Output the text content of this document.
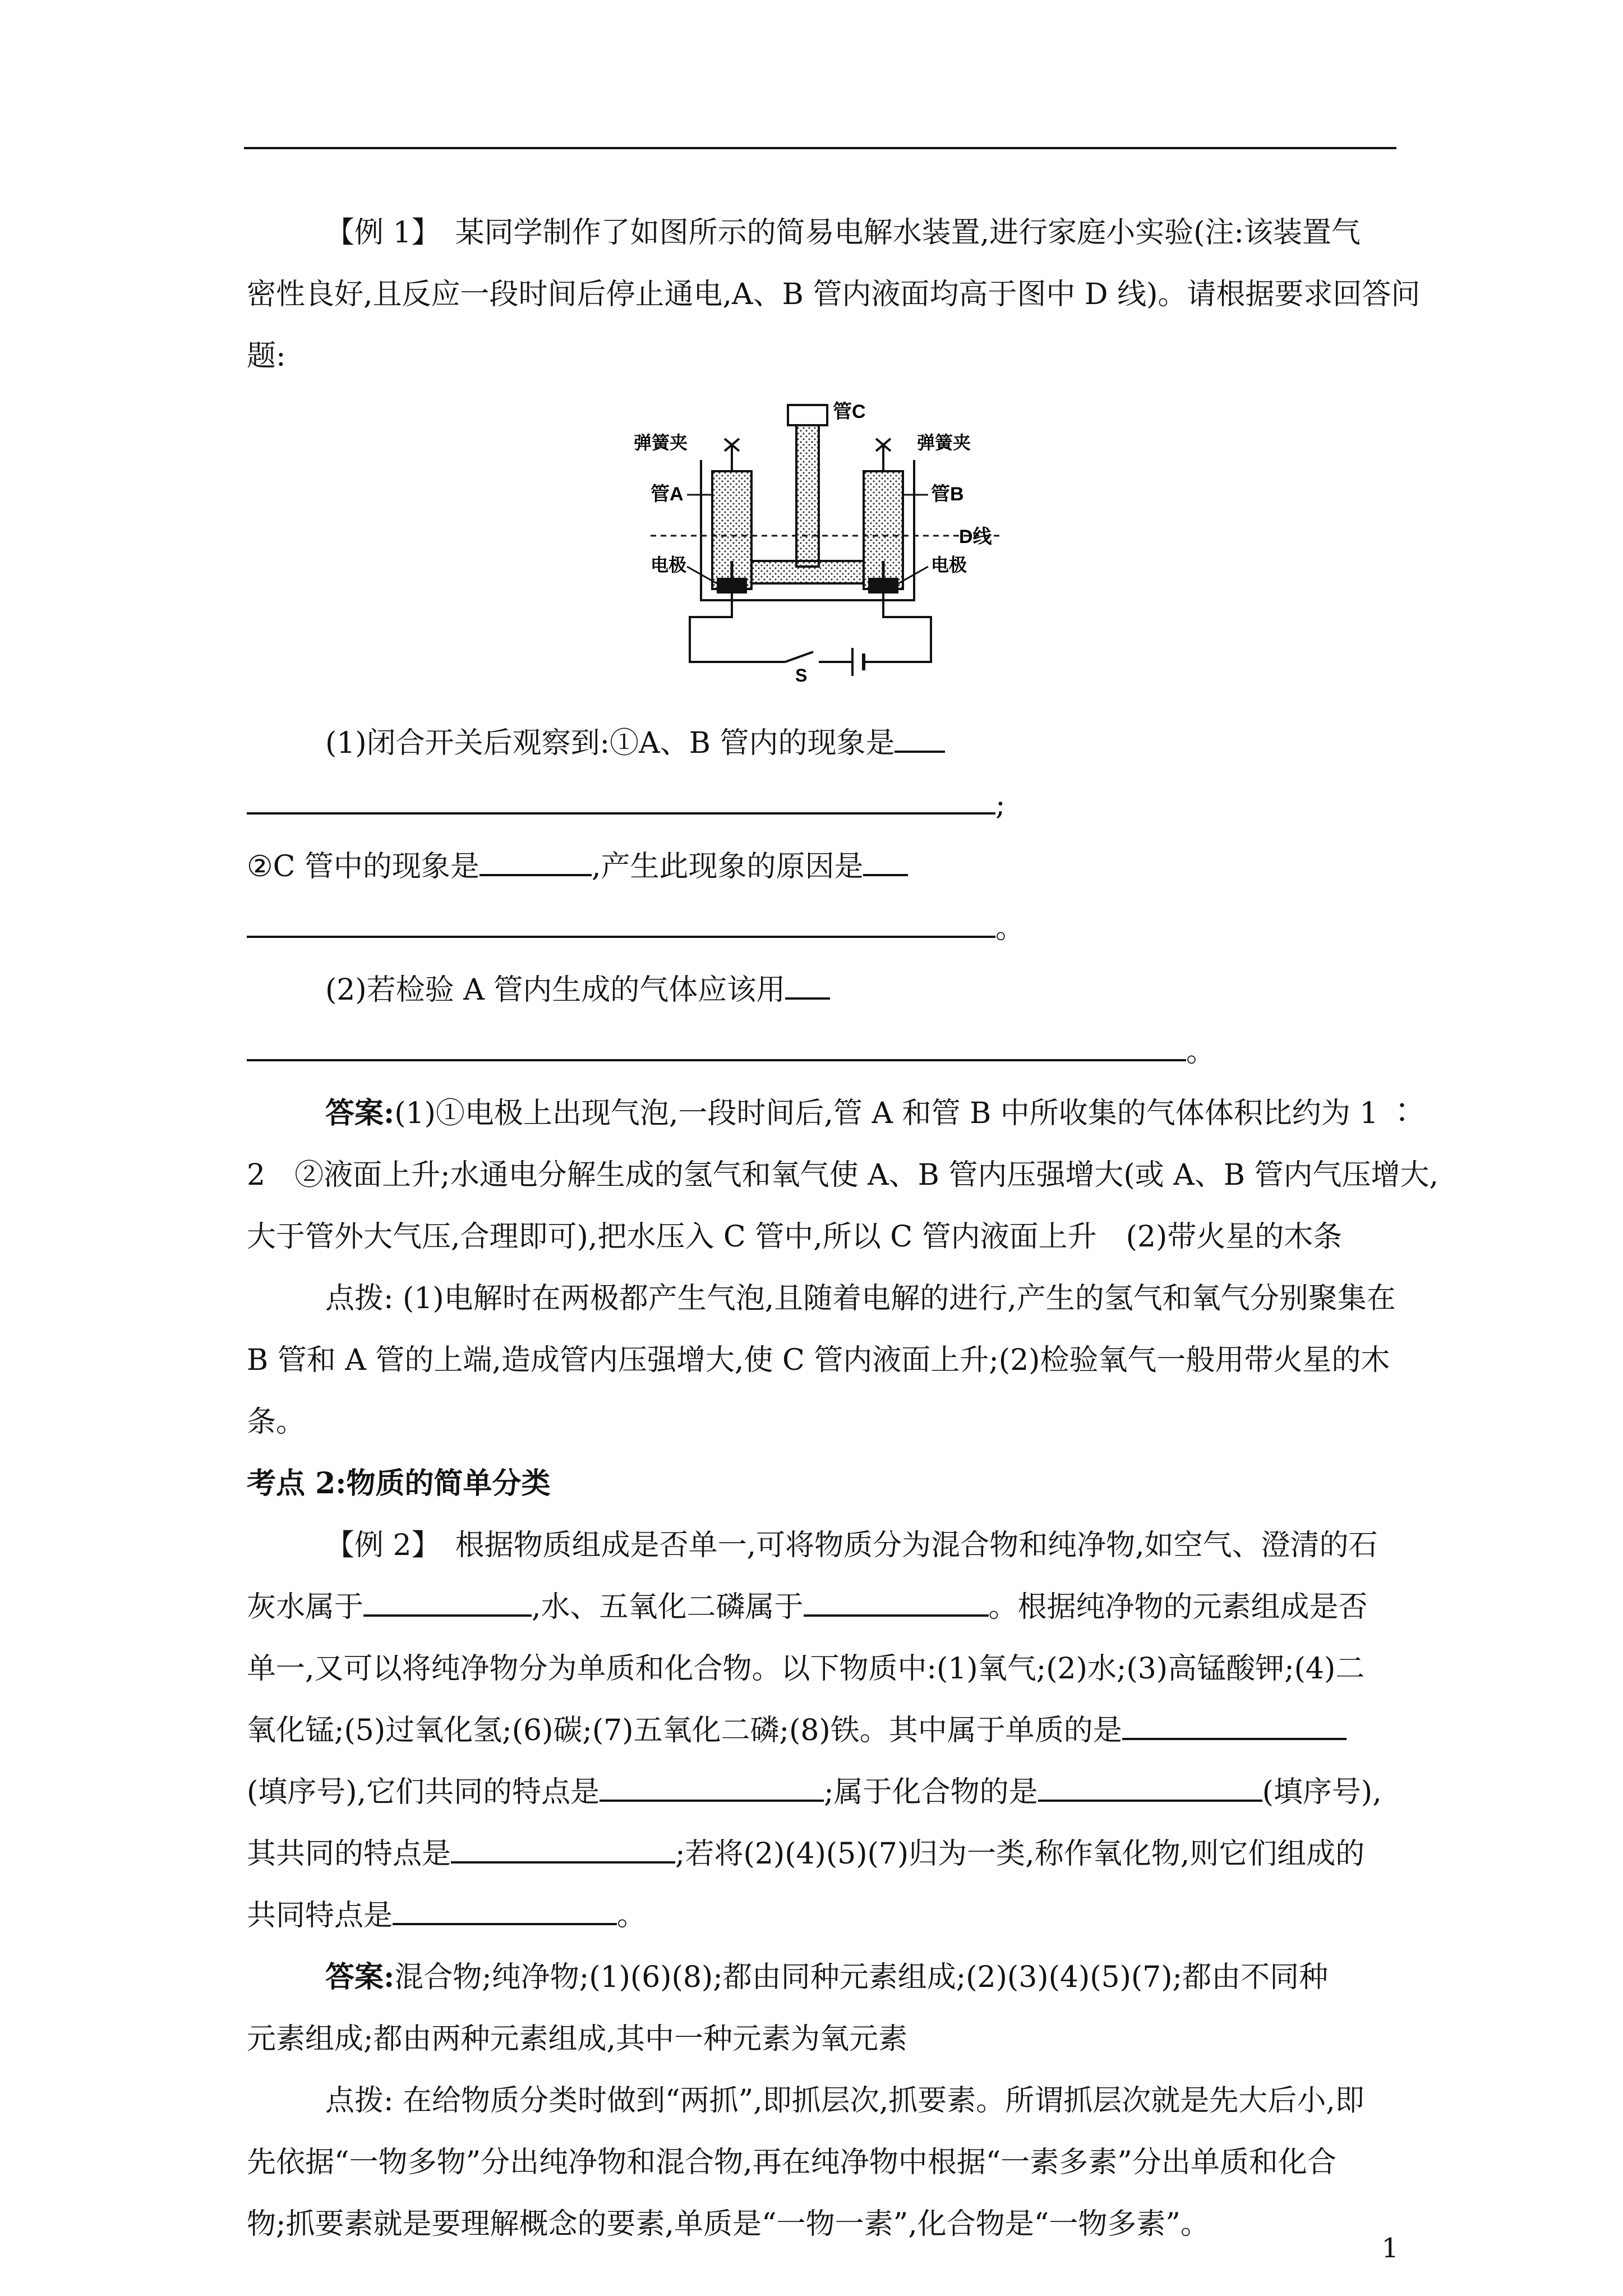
【例 1】　某同学制作了如图所示的简易电解水装置,进行家庭小实验(注:该装置气

密性良好,且反应一段时间后停止通电,A、B 管内液面均高于图中 D 线)。请根据要求回答问

题:

管C
弹簧夹	弹簧夹
管A	管B
D线
电极	电极
S

(1)闭合开关后观察到:①A、B 管内的现象是

;

②C 管中的现象是	,产生此现象的原因是

。

(2)若检验 A 管内生成的气体应该用

。

答案:(1)①电极上出现气泡,一段时间后,管 A 和管 B 中所收集的气体体积比约为 1 ∶

2　②液面上升;水通电分解生成的氢气和氧气使 A、B 管内压强增大(或 A、B 管内气压增大,

大于管外大气压,合理即可),把水压入 C 管中,所以 C 管内液面上升　(2)带火星的木条

点拨: (1)电解时在两极都产生气泡,且随着电解的进行,产生的氢气和氧气分别聚集在

B 管和 A 管的上端,造成管内压强增大,使 C 管内液面上升;(2)检验氧气一般用带火星的木

条。

考点 2:物质的简单分类

【例 2】　根据物质组成是否单一,可将物质分为混合物和纯净物,如空气、澄清的石

灰水属于	,水、五氧化二磷属于	。根据纯净物的元素组成是否

单一,又可以将纯净物分为单质和化合物。以下物质中:(1)氧气;(2)水;(3)高锰酸钾;(4)二

氧化锰;(5)过氧化氢;(6)碳;(7)五氧化二磷;(8)铁。其中属于单质的是

(填序号),它们共同的特点是	;属于化合物的是	(填序号),

其共同的特点是	;若将(2)(4)(5)(7)归为一类,称作氧化物,则它们组成的

共同特点是	。

答案:混合物;纯净物;(1)(6)(8);都由同种元素组成;(2)(3)(4)(5)(7);都由不同种

元素组成;都由两种元素组成,其中一种元素为氧元素

点拨: 在给物质分类时做到“两抓”,即抓层次,抓要素。所谓抓层次就是先大后小,即

先依据“一物多物”分出纯净物和混合物,再在纯净物中根据“一素多素”分出单质和化合

物;抓要素就是要理解概念的要素,单质是“一物一素”,化合物是“一物多素”。

1
